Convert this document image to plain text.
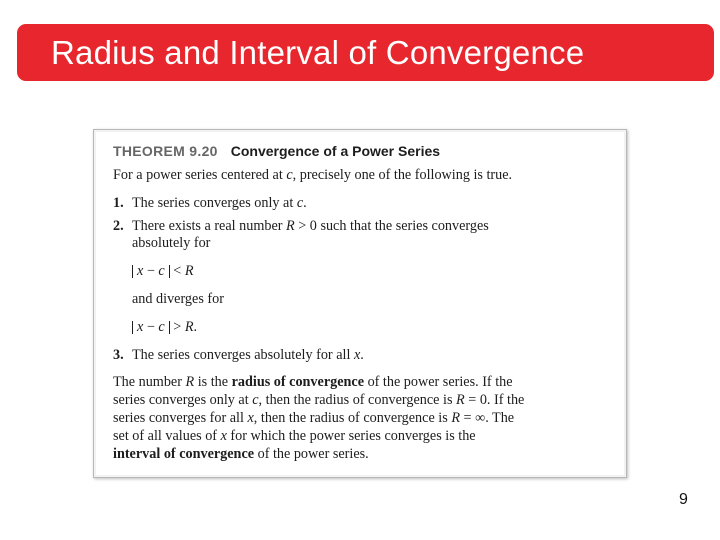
Radius and Interval of Convergence
THEOREM 9.20 Convergence of a Power Series
For a power series centered at c, precisely one of the following is true.
1. The series converges only at c.
2. There exists a real number R > 0 such that the series converges
absolutely for
x − c < R
and diverges for
x − c > R.
3. The series converges absolutely for all x.
The number R is the radius of convergence of the power series. If the
series converges only at c, then the radius of convergence is R = 0. If the
series converges for all x, then the radius of convergence is R = ∞. The
set of all values of x for which the power series converges is the
interval of convergence of the power series.
9
